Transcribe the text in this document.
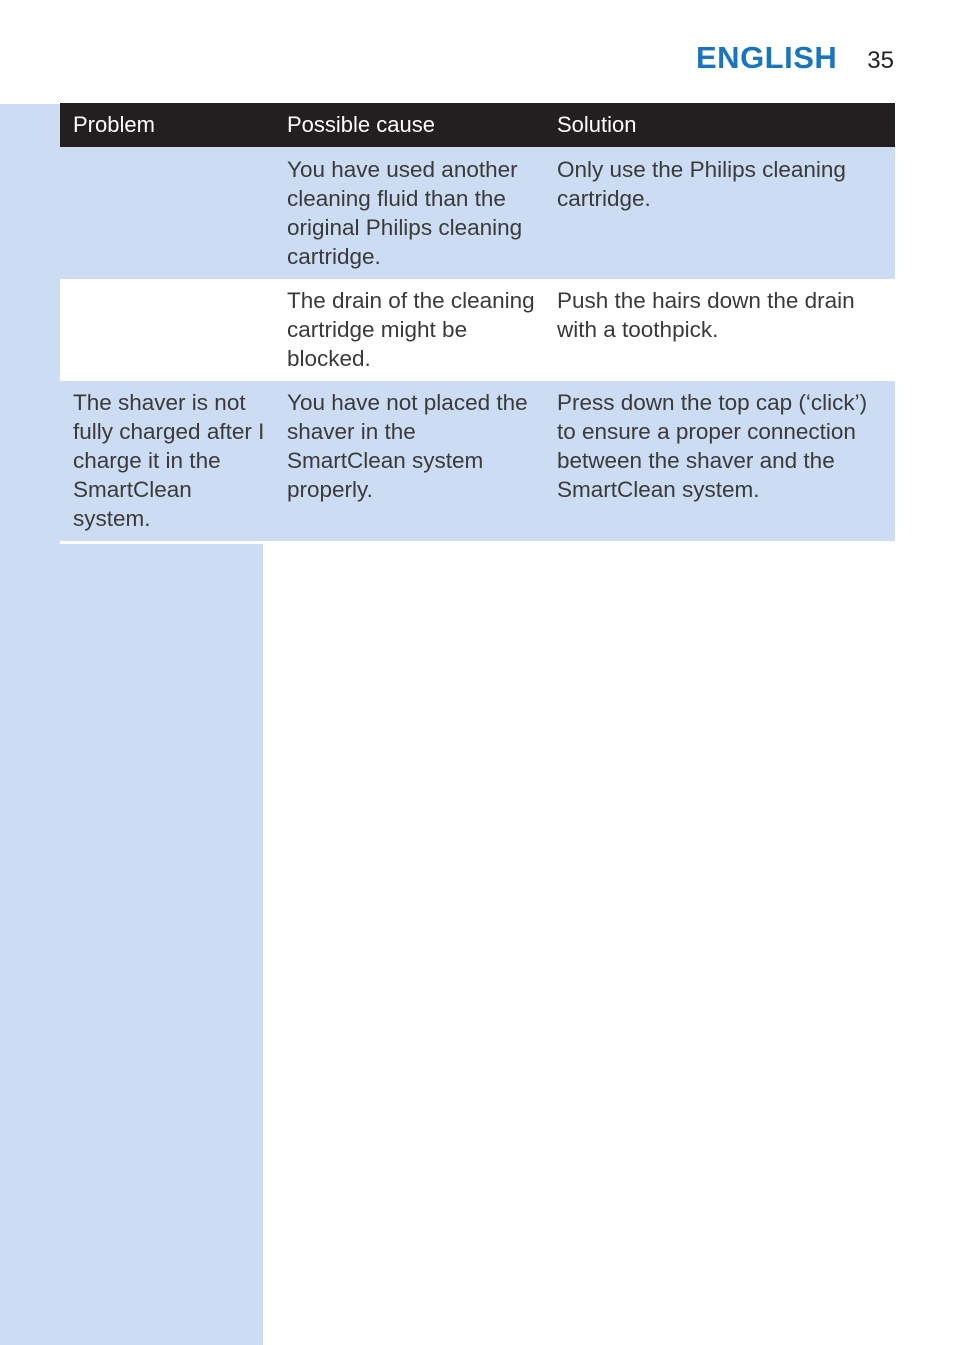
ENGLISH 35
Problem	Possible cause	Solution
	You have used another cleaning fluid than the original Philips cleaning cartridge.	Only use the Philips cleaning cartridge.
	The drain of the cleaning cartridge might be blocked.	Push the hairs down the drain with a toothpick.
The shaver is not fully charged after I charge it in the SmartClean system.	You have not placed the shaver in the SmartClean system properly.	Press down the top cap (‘click’) to ensure a proper connection between the shaver and the SmartClean system.
